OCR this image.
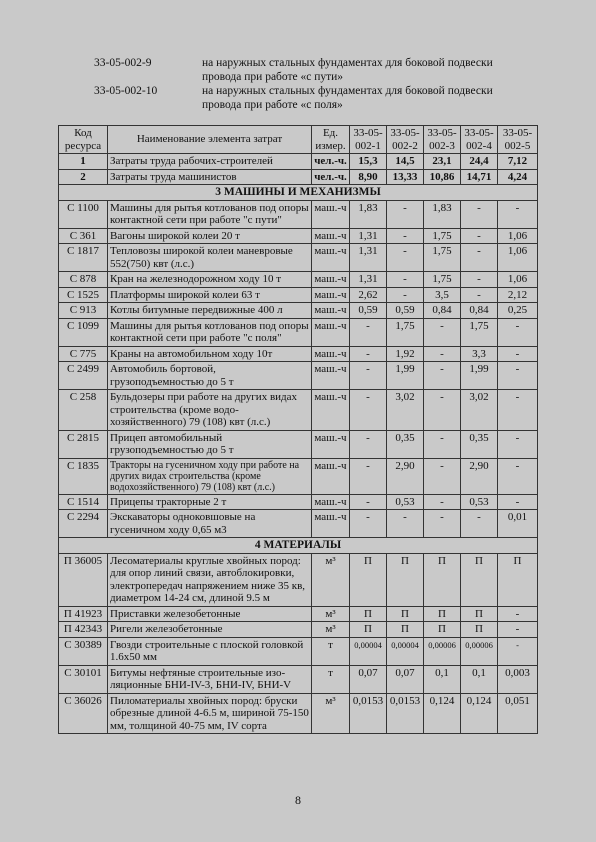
33-05-002-9	на наружных стальных фундаментах для боковой подвески провода при работе «с пути»
33-05-002-10	на наружных стальных фундаментах для боковой подвески провода при работе «с поля»
Код ресурса	Наименование элемента затрат	Ед. измер.	33-05-002-1	33-05-002-2	33-05-002-3	33-05-002-4	33-05-002-5
1	Затраты труда рабочих-строителей	чел.-ч.	15,3	14,5	23,1	24,4	7,12
2	Затраты труда машинистов	чел.-ч.	8,90	13,33	10,86	14,71	4,24
3 МАШИНЫ И МЕХАНИЗМЫ							
С 1100	Машины для рытья котлованов под опоры контактной сети при работе "с пути"	маш.-ч	1,83	-	1,83	-	-
С 361	Вагоны широкой колеи 20 т	маш.-ч	1,31	-	1,75	-	1,06
С 1817	Тепловозы широкой колеи маневровые 552(750) квт (л.с.)	маш.-ч	1,31	-	1,75	-	1,06
С 878	Кран на железнодорожном ходу 10 т	маш.-ч	1,31	-	1,75	-	1,06
С 1525	Платформы широкой колеи 63 т	маш.-ч	2,62	-	3,5	-	2,12
С 913	Котлы битумные передвижные 400 л	маш.-ч	0,59	0,59	0,84	0,84	0,25
С 1099	Машины для рытья котлованов под опоры контактной сети при работе "с поля"	маш.-ч	-	1,75	-	1,75	-
С 775	Краны на автомобильном ходу 10т	маш.-ч	-	1,92	-	3,3	-
С 2499	Автомобиль бортовой, грузоподъемностью до 5 т	маш.-ч	-	1,99	-	1,99	-
С 258	Бульдозеры при работе на других видах строительства (кроме водо-хозяйственного) 79 (108) квт (л.с.)	маш.-ч	-	3,02	-	3,02	-
С 2815	Прицеп автомобильный грузоподъемностью до 5 т	маш.-ч	-	0,35	-	0,35	-
С 1835	Тракторы на гусеничном ходу при работе на других видах строительства (кроме водохозяйственного) 79 (108) квт (л.с.)	маш.-ч	-	2,90	-	2,90	-
С 1514	Прицепы тракторные 2 т	маш.-ч	-	0,53	-	0,53	-
С 2294	Экскаваторы одноковшовые на гусеничном ходу 0,65 м3	маш.-ч	-	-	-	-	0,01
4 МАТЕРИАЛЫ							
П 36005	Лесоматериалы круглые хвойных пород: для опор линий связи, автоблокировки, электропередач напряжением ниже 35 кв, диаметром 14-24 см, длиной 9.5 м	м³	П	П	П	П	П
П 41923	Приставки железобетонные	м³	П	П	П	П	-
П 42343	Ригели железобетонные	м³	П	П	П	П	-
С 30389	Гвозди строительные с плоской головкой 1.6х50 мм	т	0,00004	0,00004	0,00006	0,00006	-
С 30101	Битумы нефтяные строительные изо-ляционные БНИ-IV-3, БНИ-IV, БНИ-V	т	0,07	0,07	0,1	0,1	0,003
С 36026	Пиломатериалы хвойных пород: бруски обрезные длиной 4-6.5 м, шириной 75-150 мм, толщиной 40-75 мм, IV сорта	м³	0,0153	0,0153	0,124	0,124	0,051
8
